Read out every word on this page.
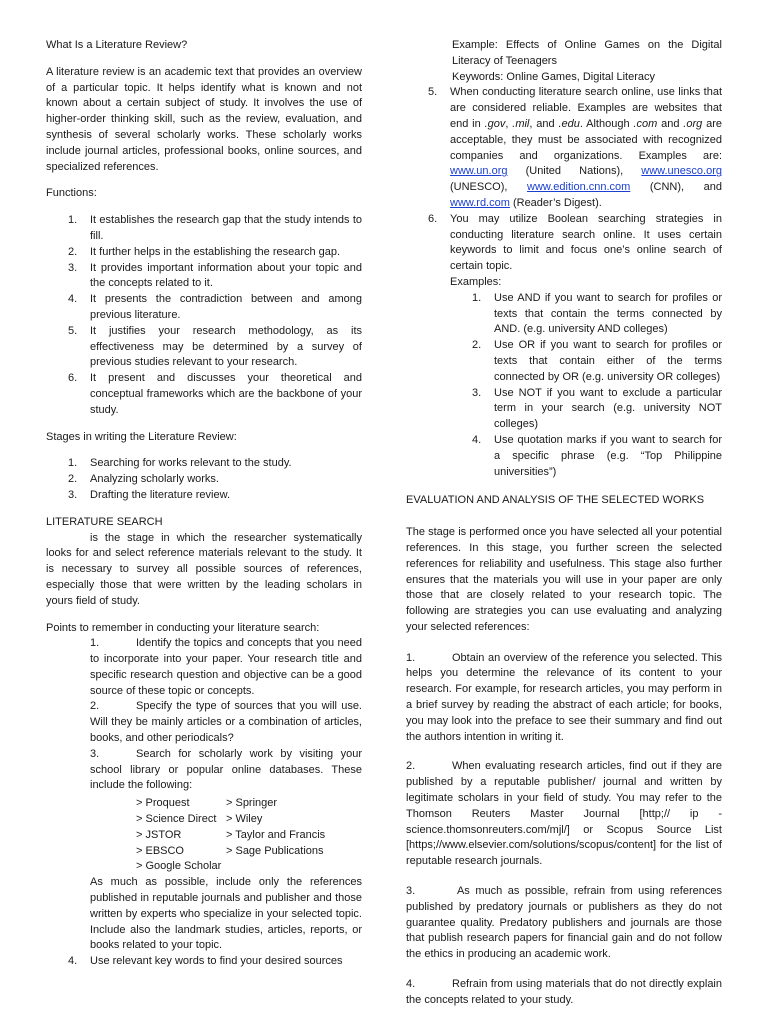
What Is a Literature Review?

A literature review is an academic text that provides an overview of a particular topic. It helps identify what is known and not known about a certain subject of study. It involves the use of higher-order thinking skill, such as the review, evaluation, and synthesis of several scholarly works. These scholarly works include journal articles, professional books, online sources, and specialized references.

Functions:

1. It establishes the research gap that the study intends to fill.
2. It further helps in the establishing the research gap.
3. It provides important information about your topic and the concepts related to it.
4. It presents the contradiction between and among previous literature.
5. It justifies your research methodology, as its effectiveness may be determined by a survey of previous studies relevant to your research.
6. It present and discusses your theoretical and conceptual frameworks which are the backbone of your study.

Stages in writing the Literature Review:

1. Searching for works relevant to the study.
2. Analyzing scholarly works.
3. Drafting the literature review.

LITERATURE SEARCH

is the stage in which the researcher systematically looks for and select reference materials relevant to the study. It is necessary to survey all possible sources of references, especially those that were written by the leading scholars in yours field of study.

Points to remember in conducting your literature search:

1.	Identify the topics and concepts that you need to incorporate into your paper. Your research title and specific research question and objective can be a good source of these topic or concepts.

2.	Specify the type of sources that you will use. Will they be mainly articles or a combination of articles, books, and other periodicals?

3.	Search for scholarly work by visiting your school library or popular online databases. These include the following:

> Proquest	> Springer
> Science Direct > Wiley
> JSTOR	> Taylor and Francis
> EBSCO	> Sage Publications
> Google Scholar

As much as possible, include only the references published in reputable journals and publisher and those written by experts who specialize in your selected topic. Include also the landmark studies, articles, reports, or books related to your topic.

4. Use relevant key words to find your desired sources

Example: Effects of Online Games on the Digital Literacy of Teenagers

Keywords: Online Games, Digital Literacy

5. When conducting literature search online, use links that are considered reliable. Examples are websites that end in .gov, .mil, and .edu. Although .com and .org are acceptable, they must be associated with recognized companies and organizations. Examples are: www.un.org (United Nations), www.unesco.org (UNESCO), www.edition.cnn.com (CNN), and www.rd.com (Reader’s Digest).
6. You may utilize Boolean searching strategies in conducting literature search online. It uses certain keywords to limit and focus one’s online search of certain topic.
Examples:
1. Use AND if you want to search for profiles or texts that contain the terms connected by AND. (e.g. university AND colleges)
2. Use OR if you want to search for profiles or texts that contain either of the terms connected by OR (e.g. university OR colleges)
3. Use NOT if you want to exclude a particular term in your search (e.g. university NOT colleges)
4. Use quotation marks if you want to search for a specific phrase (e.g. “Top Philippine universities”)

EVALUATION AND ANALYSIS OF THE SELECTED WORKS

The stage is performed once you have selected all your potential references. In this stage, you further screen the selected references for reliability and usefulness. This stage also further ensures that the materials you will use in your paper are only those that are closely related to your research topic. The following are strategies you can use evaluating and analyzing your selected references:

1.	Obtain an overview of the reference you selected. This helps you determine the relevance of its content to your research. For example, for research articles, you may perform in a brief survey by reading the abstract of each article; for books, you may look into the preface to see their summary and find out the authors intention in writing it.

2.	When evaluating research articles, find out if they are published by a reputable publisher/ journal and written by legitimate scholars in your field of study. You may refer to the Thomson Reuters Master Journal [http;// ip - science.thomsonreuters.com/mjl/] or Scopus Source List [https;//www.elsevier.com/solutions/scopus/content] for the list of reputable research journals.

3.	As much as possible, refrain from using references published by predatory journals or publishers as they do not guarantee quality. Predatory publishers and journals are those that publish research papers for financial gain and do not follow the ethics in producing an academic work.

4.	Refrain from using materials that do not directly explain the concepts related to your study.
